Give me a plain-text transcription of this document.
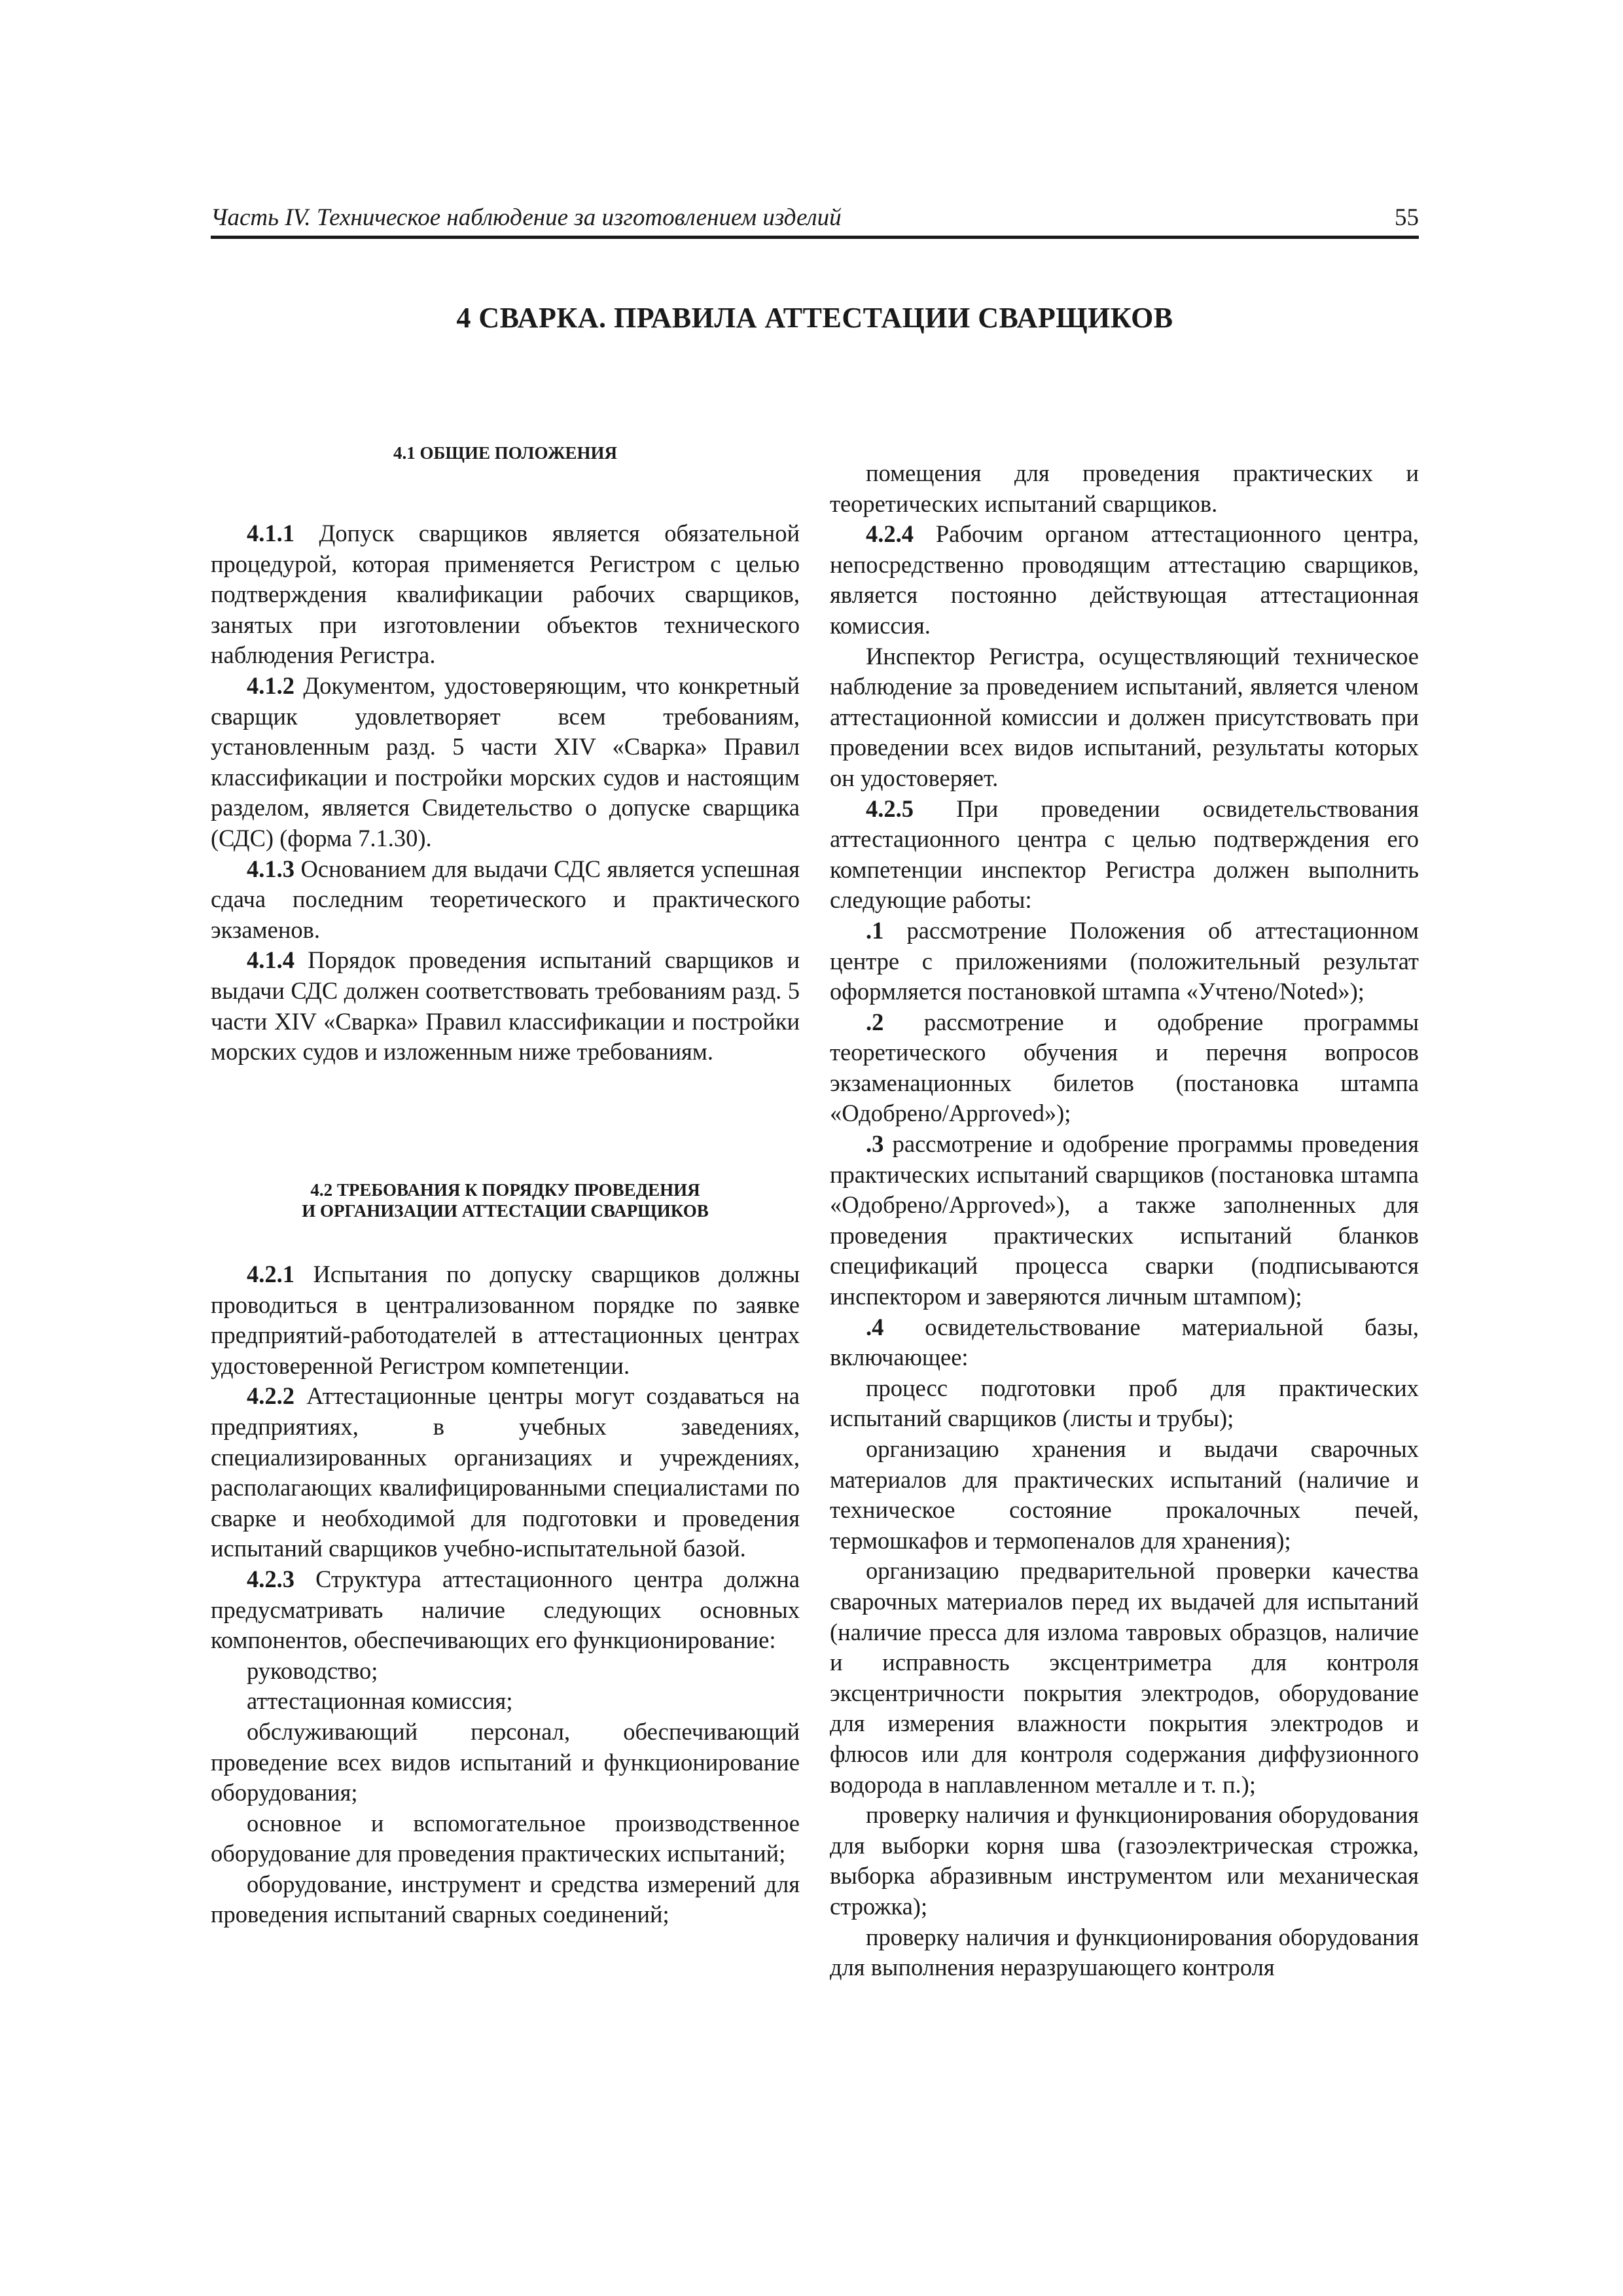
Часть IV. Техническое наблюдение за изготовлением изделий	55
4 СВАРКА. ПРАВИЛА АТТЕСТАЦИИ СВАРЩИКОВ
4.1 ОБЩИЕ ПОЛОЖЕНИЯ

4.1.1 Допуск сварщиков является обязательной процедурой, которая применяется Регистром с целью подтверждения квалификации рабочих сварщиков, занятых при изготовлении объектов технического наблюдения Регистра.

4.1.2 Документом, удостоверяющим, что конкретный сварщик удовлетворяет всем требованиям, установленным разд. 5 части XIV «Сварка» Правил классификации и постройки морских судов и настоящим разделом, является Свидетельство о допуске сварщика (СДС) (форма 7.1.30).

4.1.3 Основанием для выдачи СДС является успешная сдача последним теоретического и практического экзаменов.

4.1.4 Порядок проведения испытаний сварщиков и выдачи СДС должен соответствовать требованиям разд. 5 части XIV «Сварка» Правил классификации и постройки морских судов и изложенным ниже требованиям.

4.2 ТРЕБОВАНИЯ К ПОРЯДКУ ПРОВЕДЕНИЯ
И ОРГАНИЗАЦИИ АТТЕСТАЦИИ СВАРЩИКОВ

4.2.1 Испытания по допуску сварщиков должны проводиться в централизованном порядке по заявке предприятий-работодателей в аттестационных центрах удостоверенной Регистром компетенции.

4.2.2 Аттестационные центры могут создаваться на предприятиях, в учебных заведениях, специализированных организациях и учреждениях, располагающих квалифицированными специалистами по сварке и необходимой для подготовки и проведения испытаний сварщиков учебно-испытательной базой.

4.2.3 Структура аттестационного центра должна предусматривать наличие следующих основных компонентов, обеспечивающих его функционирование:

руководство;

аттестационная комиссия;

обслуживающий персонал, обеспечивающий проведение всех видов испытаний и функционирование оборудования;

основное и вспомогательное производственное оборудование для проведения практических испытаний;

оборудование, инструмент и средства измерений для проведения испытаний сварных соединений;

помещения для проведения практических и теоретических испытаний сварщиков.

4.2.4 Рабочим органом аттестационного центра, непосредственно проводящим аттестацию сварщиков, является постоянно действующая аттестационная комиссия.

Инспектор Регистра, осуществляющий техническое наблюдение за проведением испытаний, является членом аттестационной комиссии и должен присутствовать при проведении всех видов испытаний, результаты которых он удостоверяет.

4.2.5 При проведении освидетельствования аттестационного центра с целью подтверждения его компетенции инспектор Регистра должен выполнить следующие работы:

.1 рассмотрение Положения об аттестационном центре с приложениями (положительный результат оформляется постановкой штампа «Учтено/Noted»);

.2 рассмотрение и одобрение программы теоретического обучения и перечня вопросов экзаменационных билетов (постановка штампа «Одобрено/Approved»);

.3 рассмотрение и одобрение программы проведения практических испытаний сварщиков (постановка штампа «Одобрено/Approved»), а также заполненных для проведения практических испытаний бланков спецификаций процесса сварки (подписываются инспектором и заверяются личным штампом);

.4 освидетельствование материальной базы, включающее:

процесс подготовки проб для практических испытаний сварщиков (листы и трубы);

организацию хранения и выдачи сварочных материалов для практических испытаний (наличие и техническое состояние прокалочных печей, термошкафов и термопеналов для хранения);

организацию предварительной проверки качества сварочных материалов перед их выдачей для испытаний (наличие пресса для излома тавровых образцов, наличие и исправность эксцентриметра для контроля эксцентричности покрытия электродов, оборудование для измерения влажности покрытия электродов и флюсов или для контроля содержания диффузионного водорода в наплавленном металле и т. п.);

проверку наличия и функционирования оборудования для выборки корня шва (газоэлектрическая строжка, выборка абразивным инструментом или механическая строжка);

проверку наличия и функционирования оборудования для выполнения неразрушающего контроля
